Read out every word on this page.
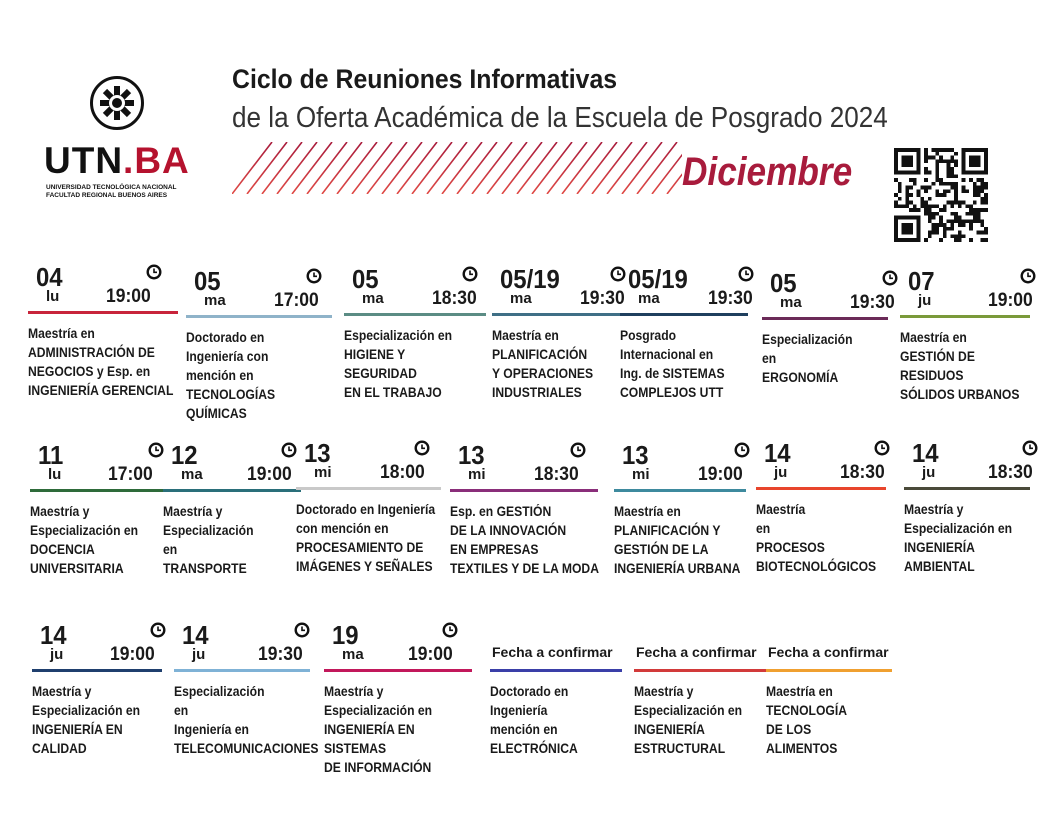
UTN.BA
UNIVERSIDAD TECNOLÓGICA NACIONAL
FACULTAD REGIONAL BUENOS AIRES
Ciclo de Reuniones Informativas
de la Oferta Académica de la Escuela de Posgrado 2024
Diciembre
04
lu 19:00
Maestría en
ADMINISTRACIÓN DE
NEGOCIOS y Esp. en
INGENIERÍA GERENCIAL
05
ma	17:00
Doctorado en
Ingeniería con
mención en
TECNOLOGÍAS QUÍMICAS
05
ma	18:30
Especialización en
HIGIENE Y
SEGURIDAD
EN EL TRABAJO
05/19
ma	19:30
Maestría en
PLANIFICACIÓN
Y OPERACIONES
INDUSTRIALES
05/19
ma	19:30
Posgrado
Internacional en
Ing. de SISTEMAS
COMPLEJOS UTT
05
ma	19:30
Especialización
en
ERGONOMÍA
07
ju	19:00
Maestría en
GESTIÓN DE
RESIDUOS
SÓLIDOS URBANOS
11
lu 17:00
Maestría y
Especialización en
DOCENCIA
UNIVERSITARIA
12
ma 19:00
Maestría y
Especialización
en
TRANSPORTE
13
mi	18:00
Doctorado en Ingeniería
con mención en
PROCESAMIENTO DE
IMÁGENES Y SEÑALES
13
mi	18:30
Esp. en GESTIÓN
DE LA INNOVACIÓN
EN EMPRESAS
TEXTILES Y DE LA MODA
13
mi	19:00
Maestría en
PLANIFICACIÓN Y
GESTIÓN DE LA
INGENIERÍA URBANA
14
ju	18:30
Maestría
en
PROCESOS
BIOTECNOLÓGICOS
14
ju	18:30
Maestría y
Especialización en
INGENIERÍA
AMBIENTAL
14
ju 19:00
Maestría y
Especialización en
INGENIERÍA EN
CALIDAD
14
ju	19:30
Especialización
en
Ingeniería en
TELECOMUNICACIONES
19
ma 19:00
Maestría y
Especialización en
INGENIERÍA EN SISTEMAS
DE INFORMACIÓN
Fecha a confirmar
Doctorado en
Ingeniería
mención en
ELECTRÓNICA
Fecha a confirmar
Maestría y
Especialización en
INGENIERÍA
ESTRUCTURAL
Fecha a confirmar
Maestría en
TECNOLOGÍA
DE LOS
ALIMENTOS
